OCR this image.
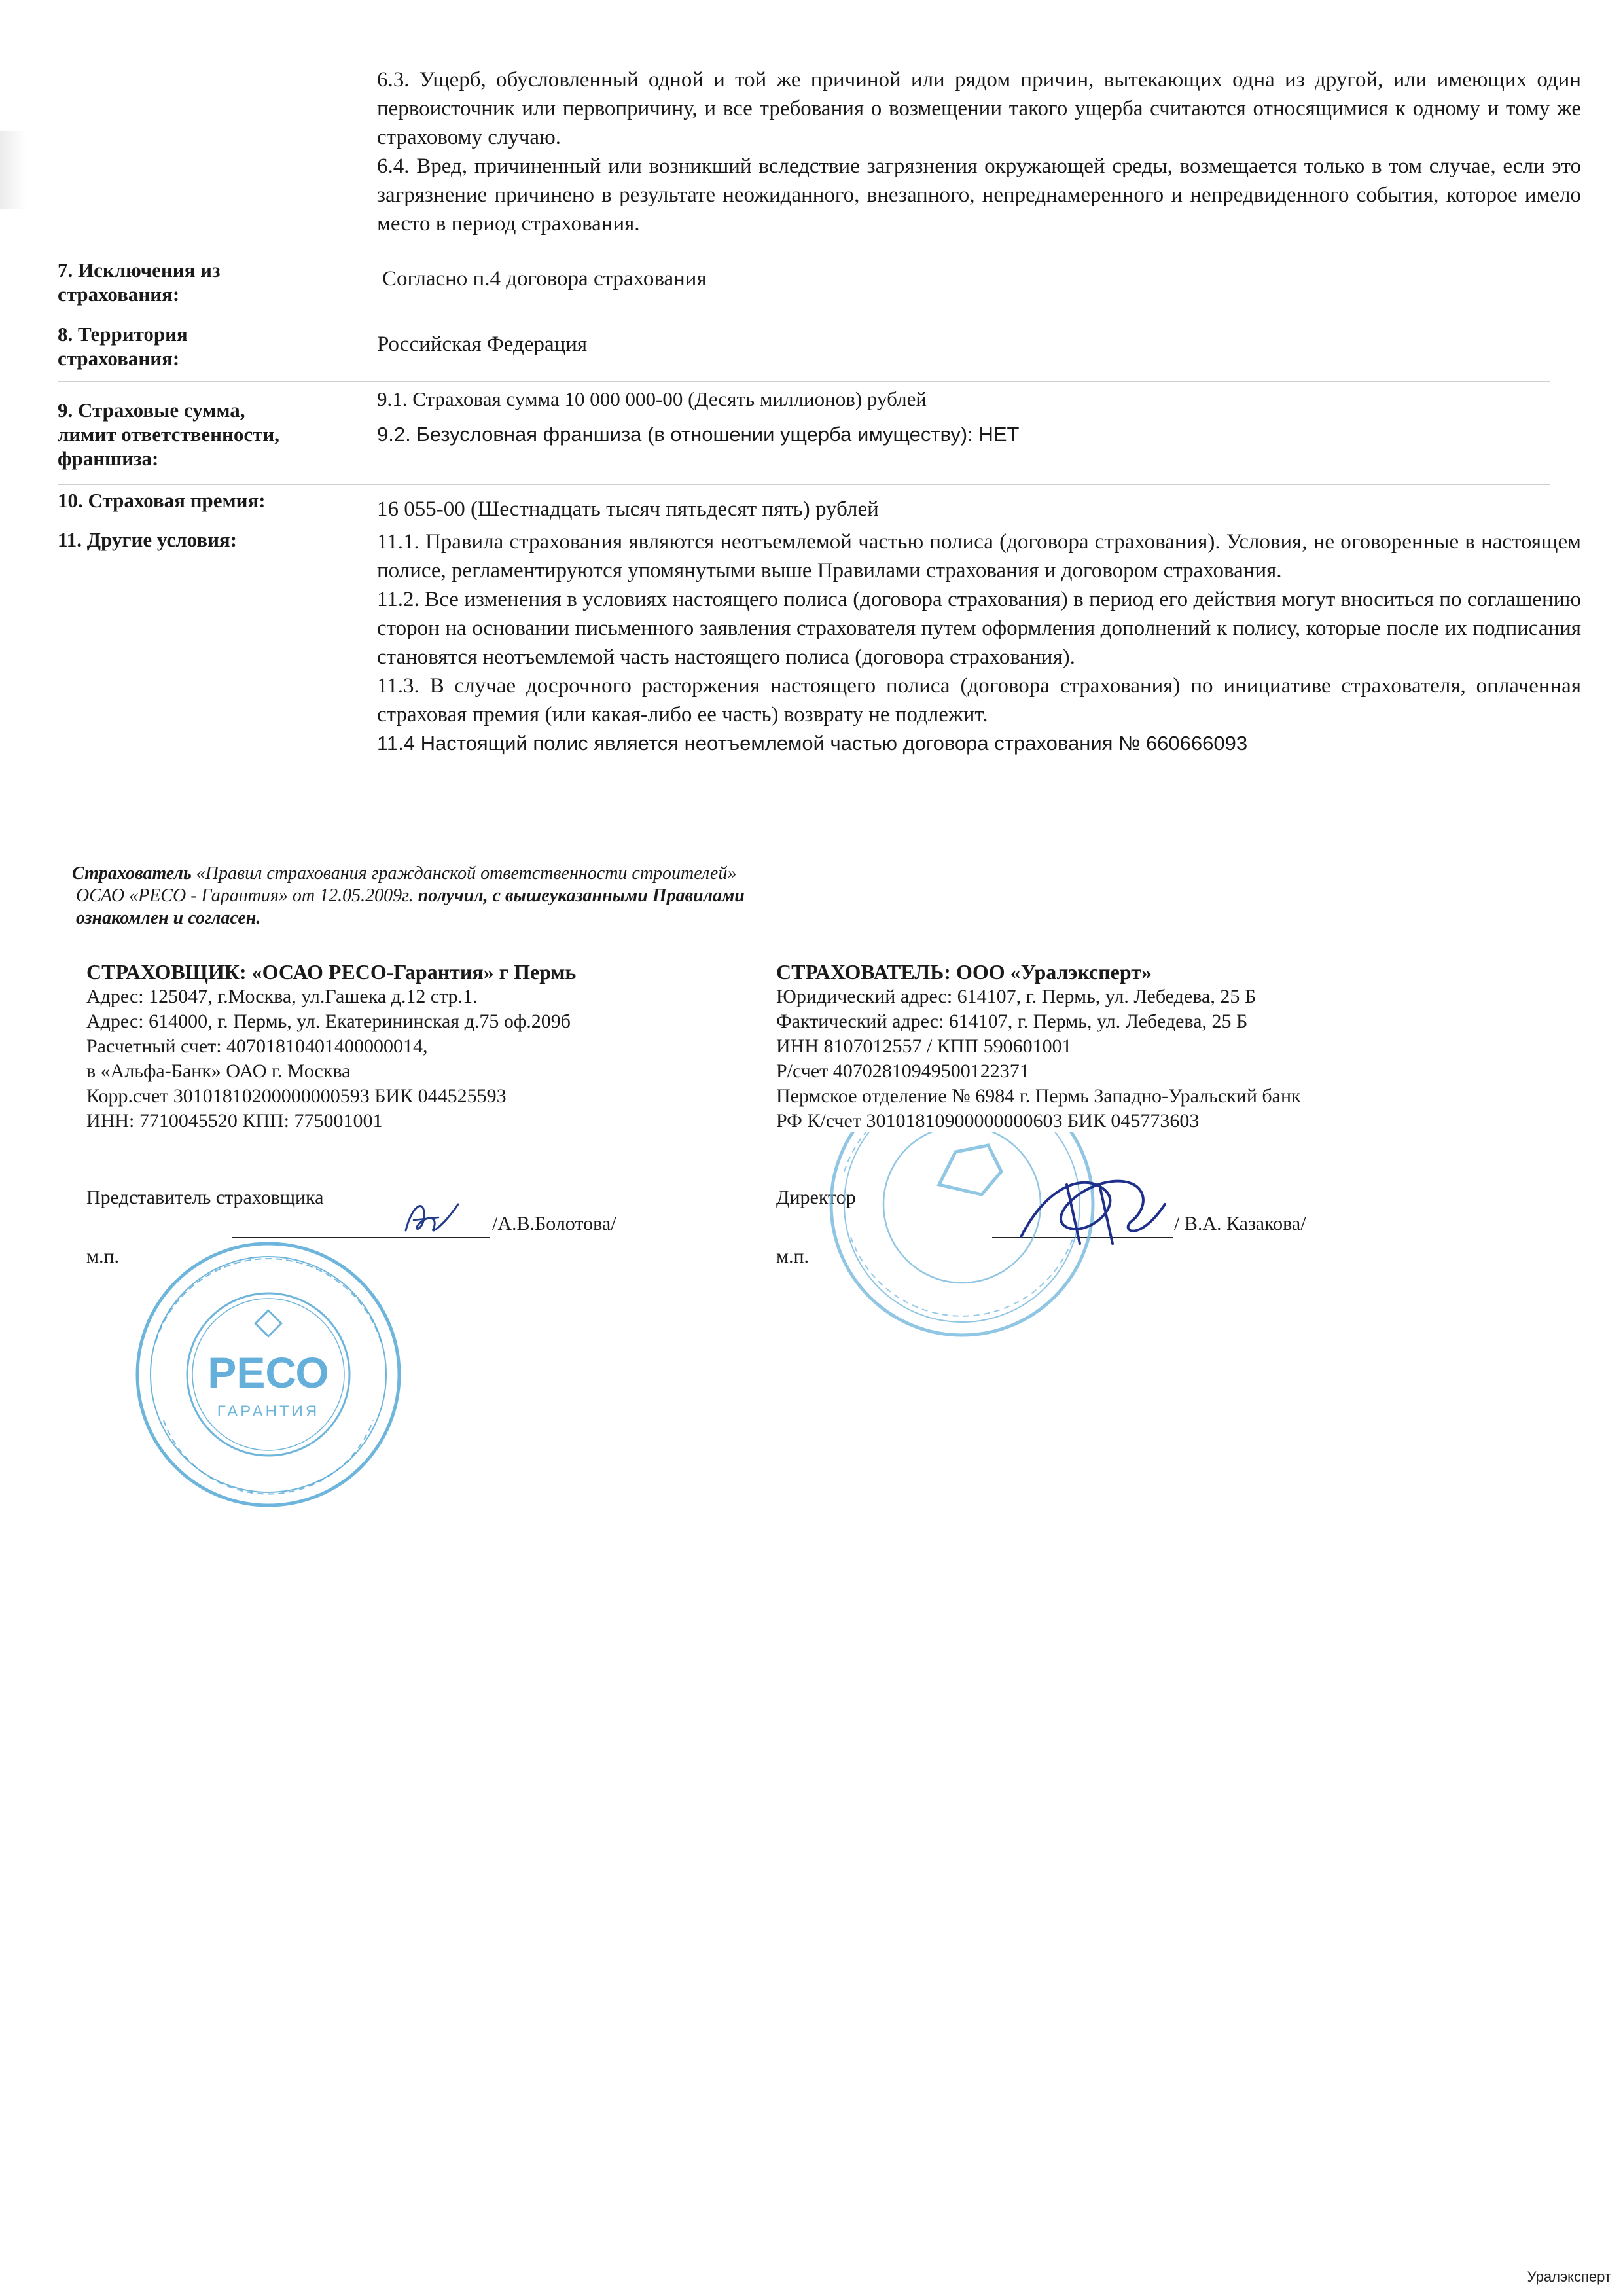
6.3. Ущерб, обусловленный одной и той же причиной или рядом причин, вытекающих одна из другой, или имеющих один первоисточник или первопричину, и все требования о возмещении такого ущерба считаются относящимися к одному и тому же страховому случаю.

6.4. Вред, причиненный или возникший вследствие загрязнения окружающей среды, возмещается только в том случае, если это загрязнение причинено в результате неожиданного, внезапного, непреднамеренного и непредвиденного события, которое имело место в период страхования.

7. Исключения из
страхования:
Согласно п.4 договора страхования
8. Территория
страхования:
Российская Федерация
9. Страховые сумма,
лимит ответственности,
франшиза:
9.1. Страховая сумма 10 000 000-00 (Десять миллионов) рублей
9.2. Безусловная франшиза (в отношении ущерба имуществу): НЕТ
10. Страховая премия:	16 055-00 (Шестнадцать тысяч пятьдесят пять) рублей
11. Другие условия:	11.1. Правила страхования являются неотъемлемой частью полиса (договора страхования). Условия, не оговоренные в настоящем полисе, регламентируются упомянутыми выше Правилами страхования и договором страхования.

11.2. Все изменения в условиях настоящего полиса (договора страхования) в период его действия могут вноситься по соглашению сторон на основании письменного заявления страхователя путем оформления дополнений к полису, которые после их подписания становятся неотъемлемой часть настоящего полиса (договора страхования).

11.3. В случае досрочного расторжения настоящего полиса (договора страхования) по инициативе страхователя, оплаченная страховая премия (или какая-либо ее часть) возврату не подлежит.

11.4 Настоящий полис является неотъемлемой частью договора страхования № 660666093

Страхователь «Правил страхования гражданской ответственности строителей»
ОСАО «РЕСО - Гарантия» от 12.05.2009г. получил, с вышеуказанными Правилами
ознакомлен и согласен.
СТРАХОВЩИК: «ОСАО РЕСО-Гарантия» г Пермь
Адрес: 125047, г.Москва, ул.Гашека д.12 стр.1.
Адрес: 614000, г. Пермь, ул. Екатерининская д.75 оф.209б
Расчетный счет: 40701810401400000014,
в «Альфа-Банк» ОАО г. Москва
Корр.счет 30101810200000000593 БИК 044525593
ИНН: 7710045520 КПП: 775001001
СТРАХОВАТЕЛЬ: ООО «Уралэксперт»
Юридический адрес: 614107, г. Пермь, ул. Лебедева, 25 Б
Фактический адрес: 614107, г. Пермь, ул. Лебедева, 25 Б
ИНН 8107012557 / КПП 590601001
Р/счет 40702810949500122371
Пермское отделение № 6984 г. Пермь Западно-Уральский банк
РФ К/счет 30101810900000000603 БИК 045773603
Представитель страховщика
/А.В.Болотова/
м.п.
Директор
/ В.А. Казакова/
м.п.
РЕСО
ГАРАНТИЯ
Уралэксперт
